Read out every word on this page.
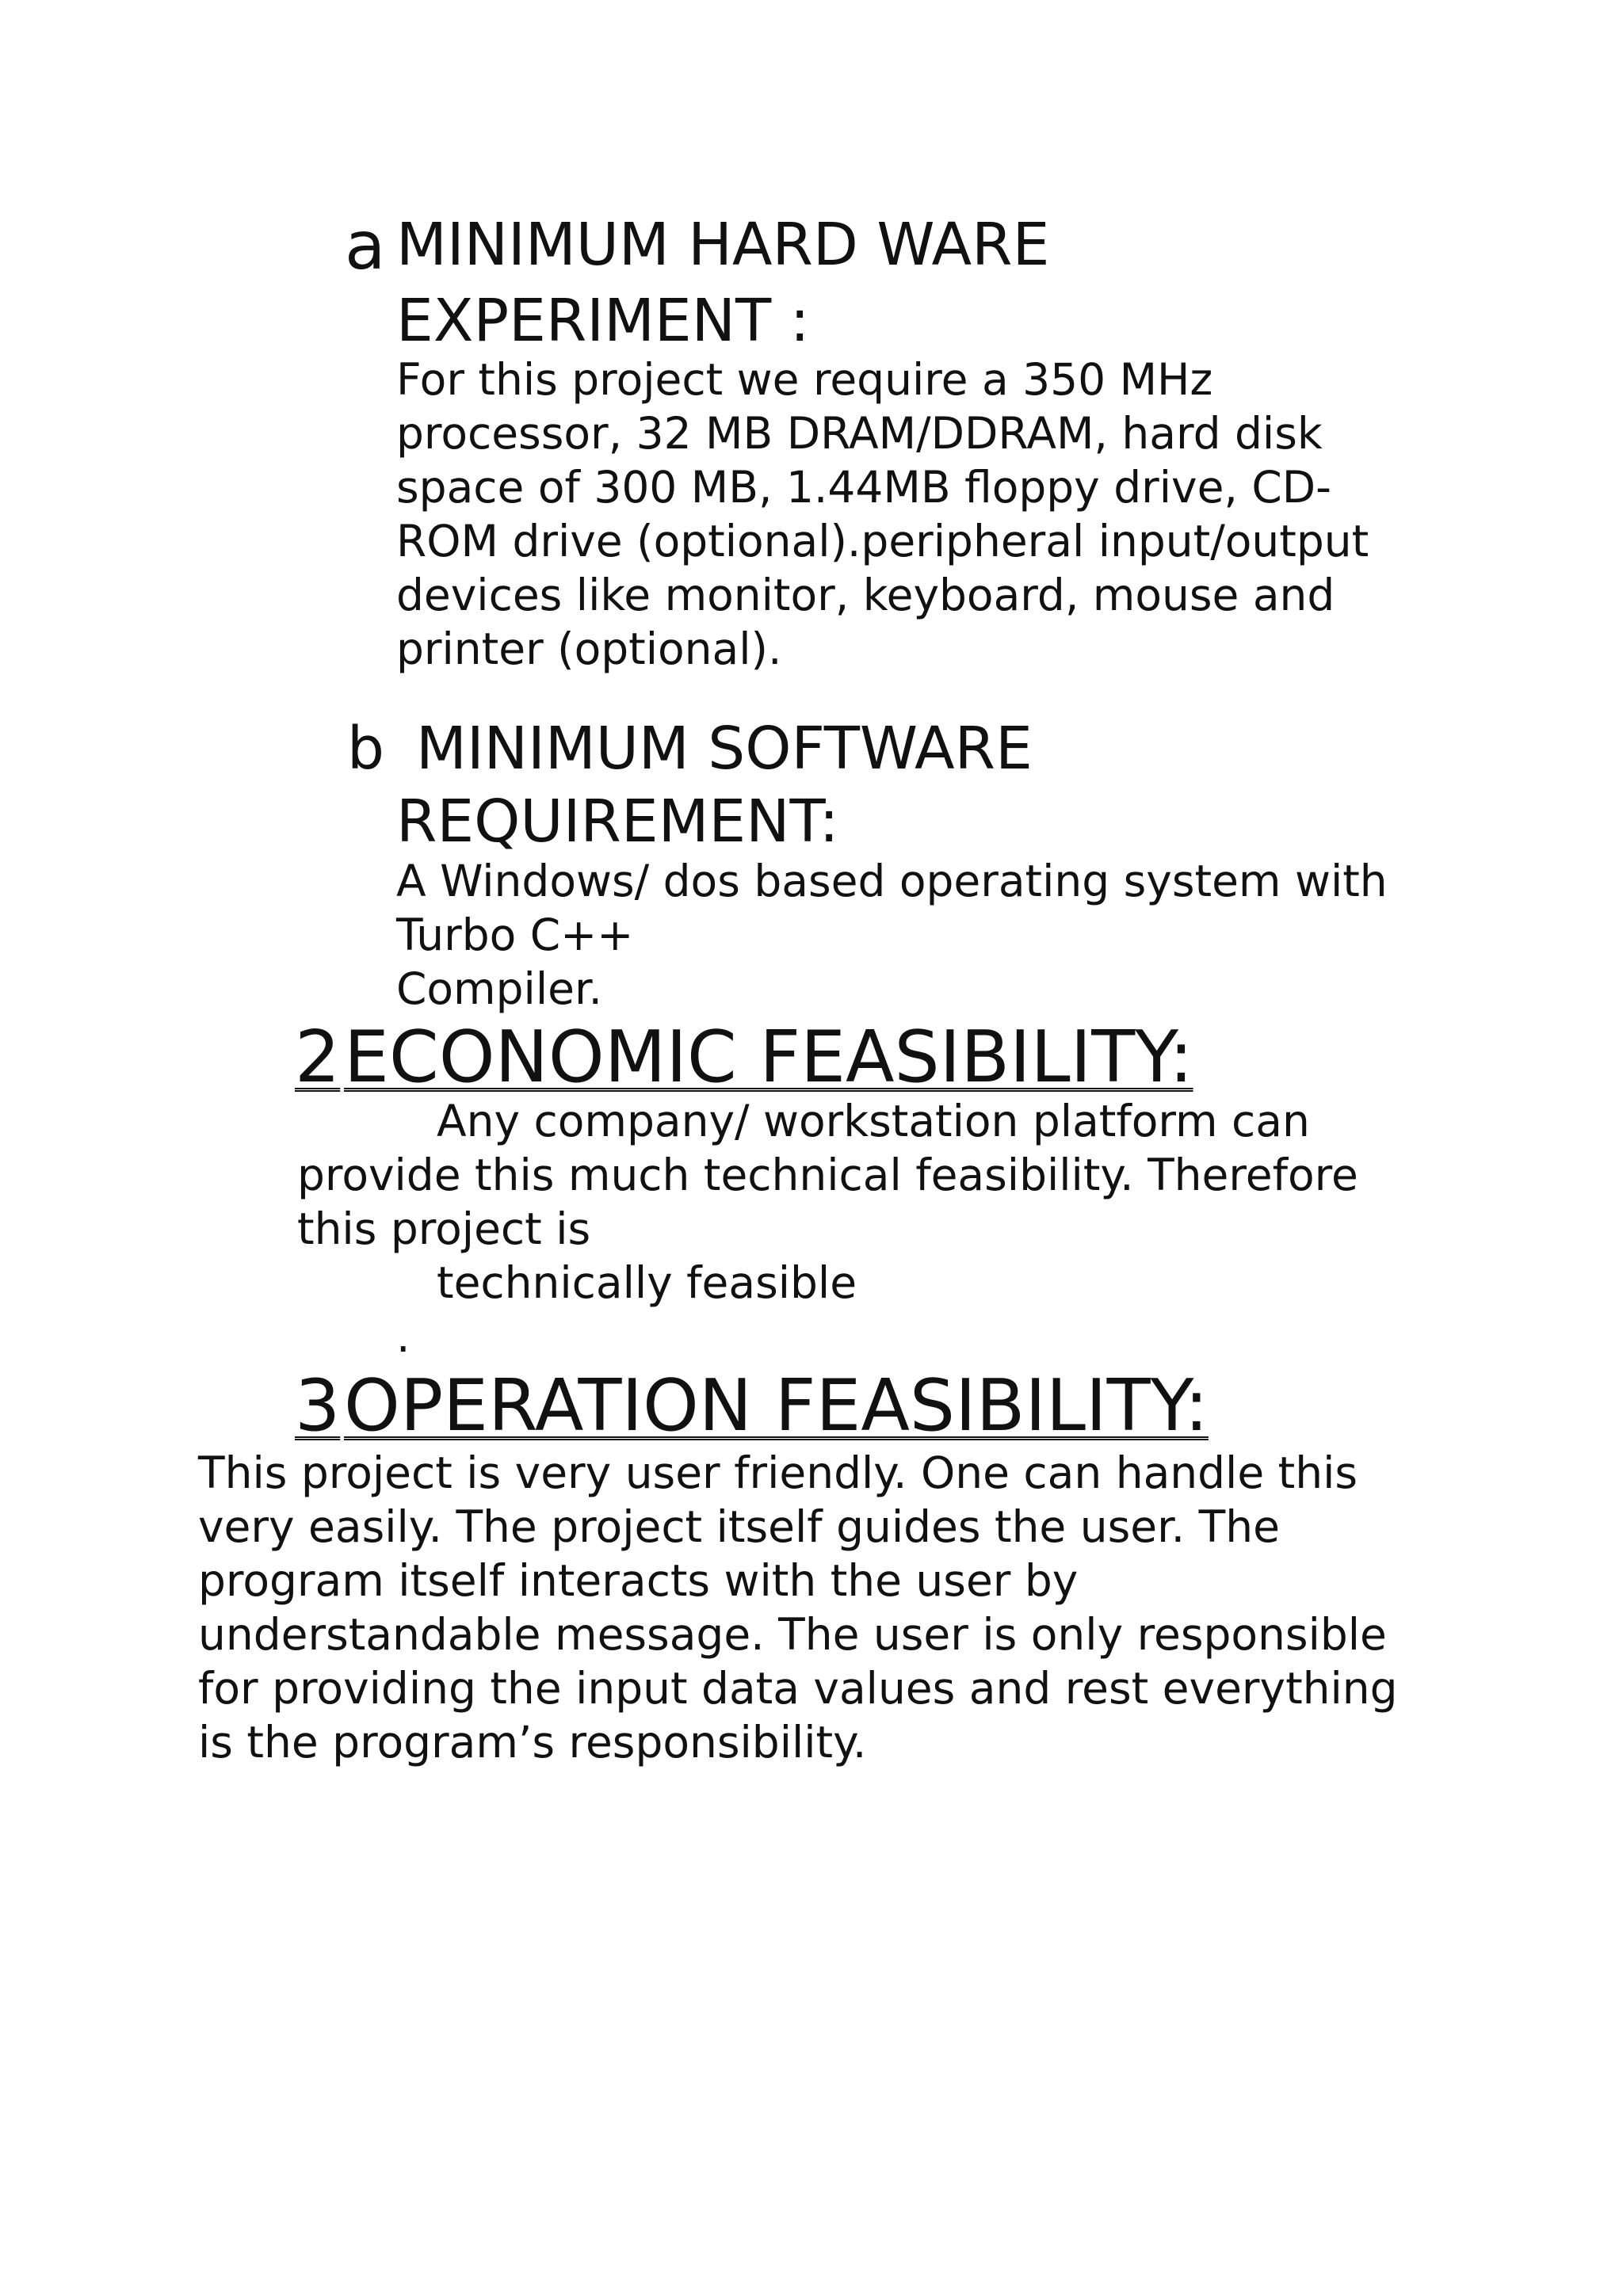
a MINIMUM HARD WARE
EXPERIMENT :
For this project we require a 350 MHz
processor, 32 MB DRAM/DDRAM, hard disk
space of 300 MB, 1.44MB floppy drive, CD-
ROM drive (optional).peripheral input/output
devices like monitor, keyboard, mouse and
printer (optional).
b MINIMUM SOFTWARE
REQUIREMENT:
A Windows/ dos based operating system with
Turbo C++
Compiler.
2 ECONOMIC FEASIBILITY:
Any company/ workstation platform can
provide this much technical feasibility. Therefore
this project is
technically feasible
.
3 OPERATION FEASIBILITY:
This project is very user friendly. One can handle this
very easily. The project itself guides the user. The
program itself interacts with the user by
understandable message. The user is only responsible
for providing the input data values and rest everything
is the program’s responsibility.
